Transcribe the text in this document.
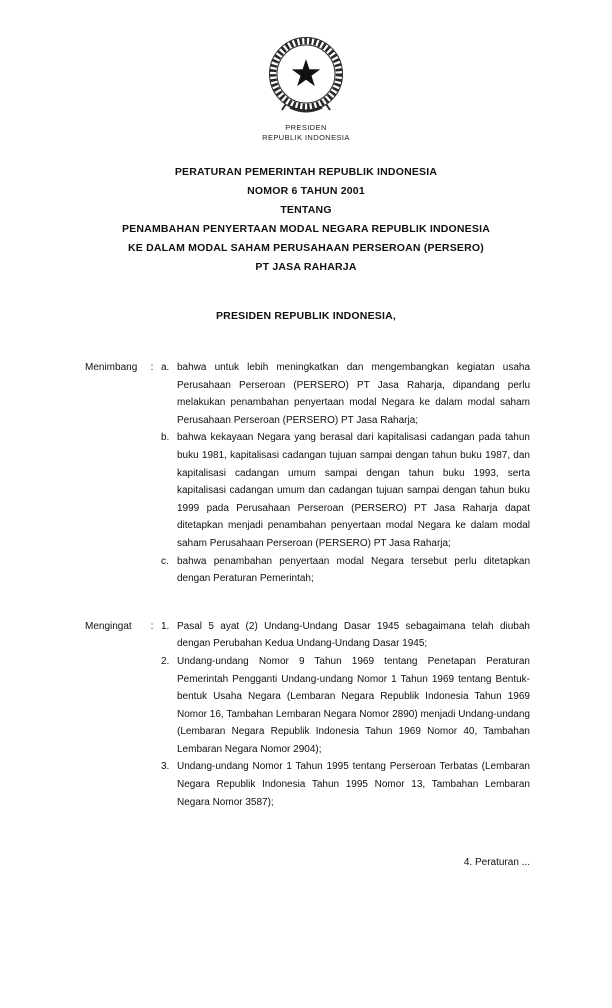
PRESIDEN
REPUBLIK INDONESIA
PERATURAN PEMERINTAH REPUBLIK INDONESIA
NOMOR 6 TAHUN 2001
TENTANG
PENAMBAHAN PENYERTAAN MODAL NEGARA REPUBLIK INDONESIA
KE DALAM MODAL SAHAM PERUSAHAAN PERSEROAN (PERSERO)
PT JASA RAHARJA
PRESIDEN REPUBLIK INDONESIA,
Menimbang	: a. bahwa untuk lebih meningkatkan dan mengembangkan kegiatan usaha Perusahaan Perseroan (PERSERO) PT Jasa Raharja, dipandang perlu melakukan penambahan penyertaan modal Negara ke dalam modal saham Perusahaan Perseroan (PERSERO) PT Jasa Raharja;
b. bahwa kekayaan Negara yang berasal dari kapitalisasi cadangan pada tahun buku 1981, kapitalisasi cadangan tujuan sampai dengan tahun buku 1987, dan kapitalisasi cadangan umum sampai dengan tahun buku 1993, serta kapitalisasi cadangan umum dan cadangan tujuan sampai dengan tahun buku 1999 pada Perusahaan Perseroan (PERSERO) PT Jasa Raharja dapat ditetapkan menjadi penambahan penyertaan modal Negara ke dalam modal saham Perusahaan Perseroan (PERSERO) PT Jasa Raharja;
c. bahwa penambahan penyertaan modal Negara tersebut perlu ditetapkan dengan Peraturan Pemerintah;
Mengingat	: 1. Pasal 5 ayat (2) Undang-Undang Dasar 1945 sebagaimana telah diubah dengan Perubahan Kedua Undang-Undang Dasar 1945;
2. Undang-undang Nomor 9 Tahun 1969 tentang Penetapan Peraturan Pemerintah Pengganti Undang-undang Nomor 1 Tahun 1969 tentang Bentuk-bentuk Usaha Negara (Lembaran Negara Republik Indonesia Tahun 1969 Nomor 16, Tambahan Lembaran Negara Nomor 2890) menjadi Undang-undang (Lembaran Negara Republik Indonesia Tahun 1969 Nomor 40, Tambahan Lembaran Negara Nomor 2904);
3. Undang-undang Nomor 1 Tahun 1995 tentang Perseroan Terbatas (Lembaran Negara Republik Indonesia Tahun 1995 Nomor 13, Tambahan Lembaran Negara Nomor 3587);
4. Peraturan ...
